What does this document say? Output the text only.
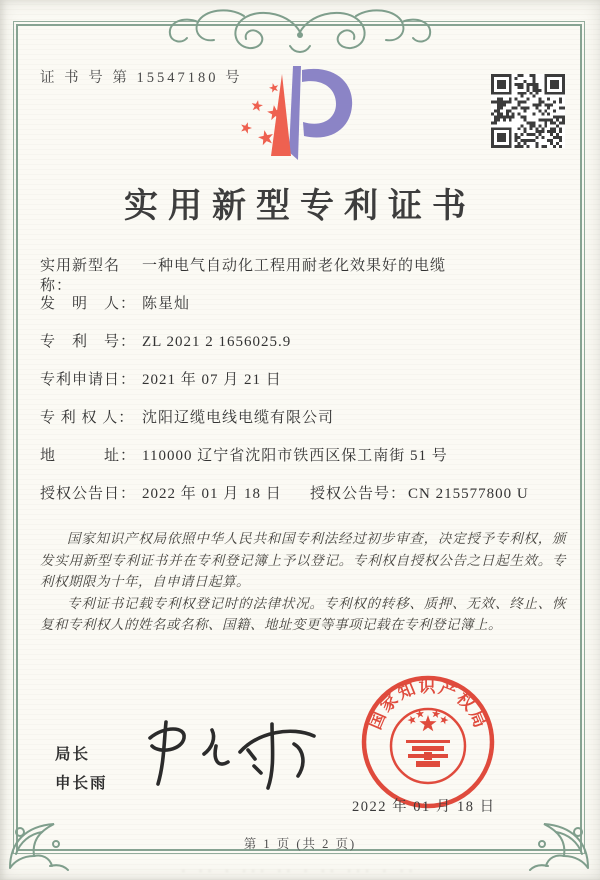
证 书 号 第 15547180 号
实用新型专利证书
实用新型名称：
一种电气自动化工程用耐老化效果好的电缆
发　明　人： 陈星灿
专　利　号： ZL 2021 2 1656025.9
专利申请日： 2021 年 07 月 21 日
专 利 权 人： 沈阳辽缆电线电缆有限公司
地　　　址： 110000 辽宁省沈阳市铁西区保工南街 51 号
授权公告日： 2022 年 01 月 18 日 授权公告号： CN 215577800 U

国家知识产权局依照中华人民共和国专利法经过初步审查，决定授予专利权，颁发实用新型专利证书并在专利登记簿上予以登记。专利权自授权公告之日起生效。专利权期限为十年，自申请日起算。

专利证书记载专利权登记时的法律状况。专利权的转移、质押、无效、终止、恢复和专利权人的姓名或名称、国籍、地址变更等事项记载在专利登记簿上。

局长
申长雨
国家知识产权局
2022 年 01 月 18 日
第 1 页 (共 2 页)
· ·· · ··· ·· · ·· ··· · ··
